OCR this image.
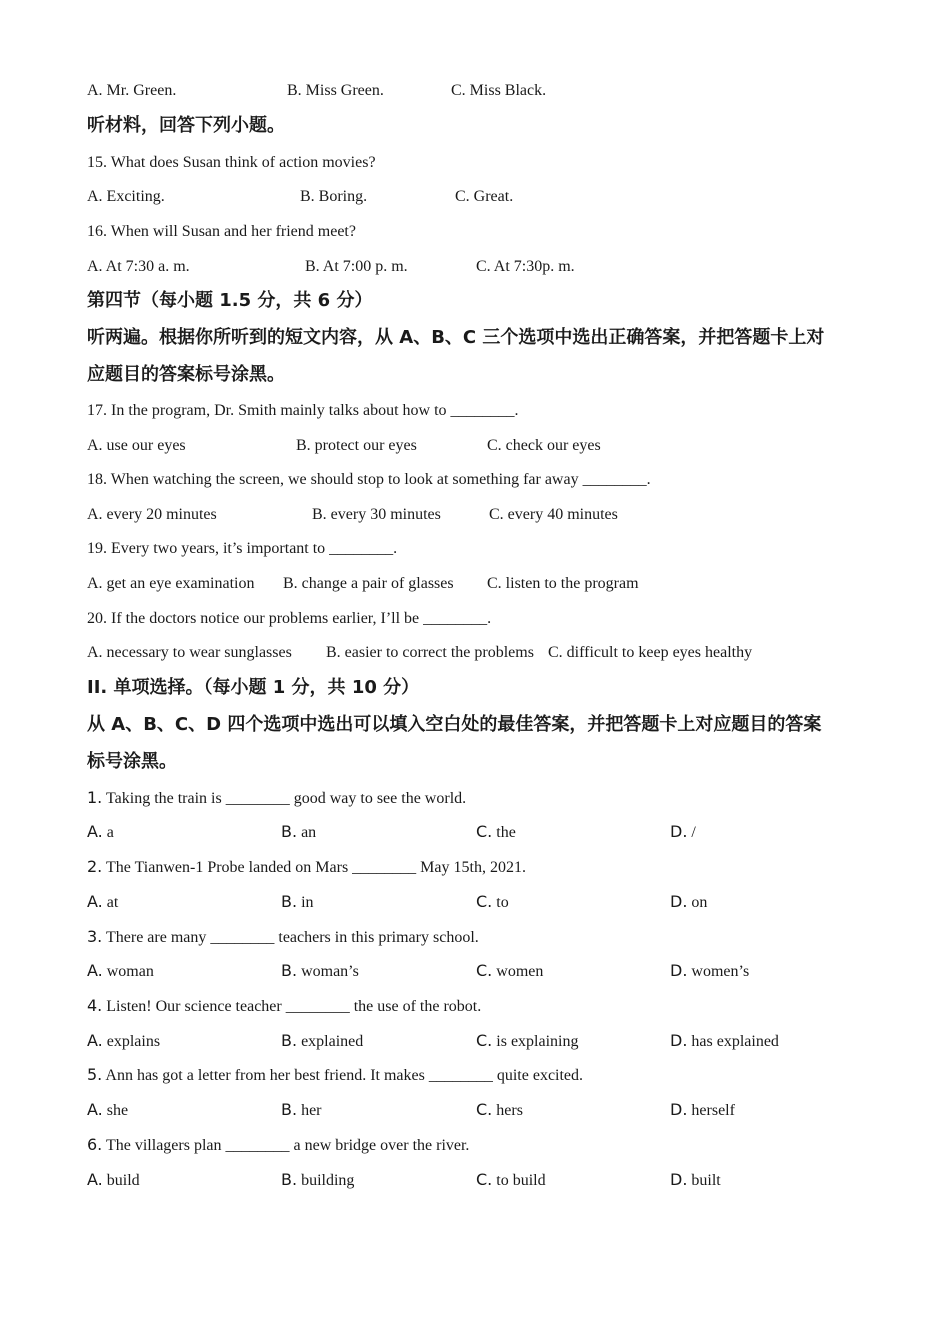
A. Mr. Green.	B. Miss Green.	C. Miss Black.
听材料，回答下列小题。
15. What does Susan think of action movies?
A. Exciting.	B. Boring.	C. Great.
16. When will Susan and her friend meet?
A. At 7:30 a. m.	B. At 7:00 p. m.	C. At 7:30p. m.
第四节（每小题 1.5 分，共 6 分）
听两遍。根据你所听到的短文内容，从 A、B、C 三个选项中选出正确答案，并把答题卡上对
应题目的答案标号涂黑。
17. In the program, Dr. Smith mainly talks about how to ________.
A. use our eyes	B. protect our eyes	C. check our eyes
18. When watching the screen, we should stop to look at something far away ________.
A. every 20 minutes	B. every 30 minutes	C. every 40 minutes
19. Every two years, it’s important to ________.
A. get an eye examination B. change a pair of glasses C. listen to the program
20. If the doctors notice our problems earlier, I’ll be ________.
A. necessary to wear sunglasses B. easier to correct the problems C. difficult to keep eyes healthy
II. 单项选择。（每小题 1 分，共 10 分）
从 A、B、C、D 四个选项中选出可以填入空白处的最佳答案，并把答题卡上对应题目的答案
标号涂黑。
1. Taking the train is ________ good way to see the world.
A. a	B. an	C. the	D. /
2. The Tianwen-1 Probe landed on Mars ________ May 15th, 2021.
A. at	B. in	C. to	D. on
3. There are many ________ teachers in this primary school.
A. woman	B. woman’s	C. women	D. women’s
4. Listen! Our science teacher ________ the use of the robot.
A. explains	B. explained	C. is explaining	D. has explained
5. Ann has got a letter from her best friend. It makes ________ quite excited.
A. she	B. her	C. hers	D. herself
6. The villagers plan ________ a new bridge over the river.
A. build	B. building	C. to build	D. built
